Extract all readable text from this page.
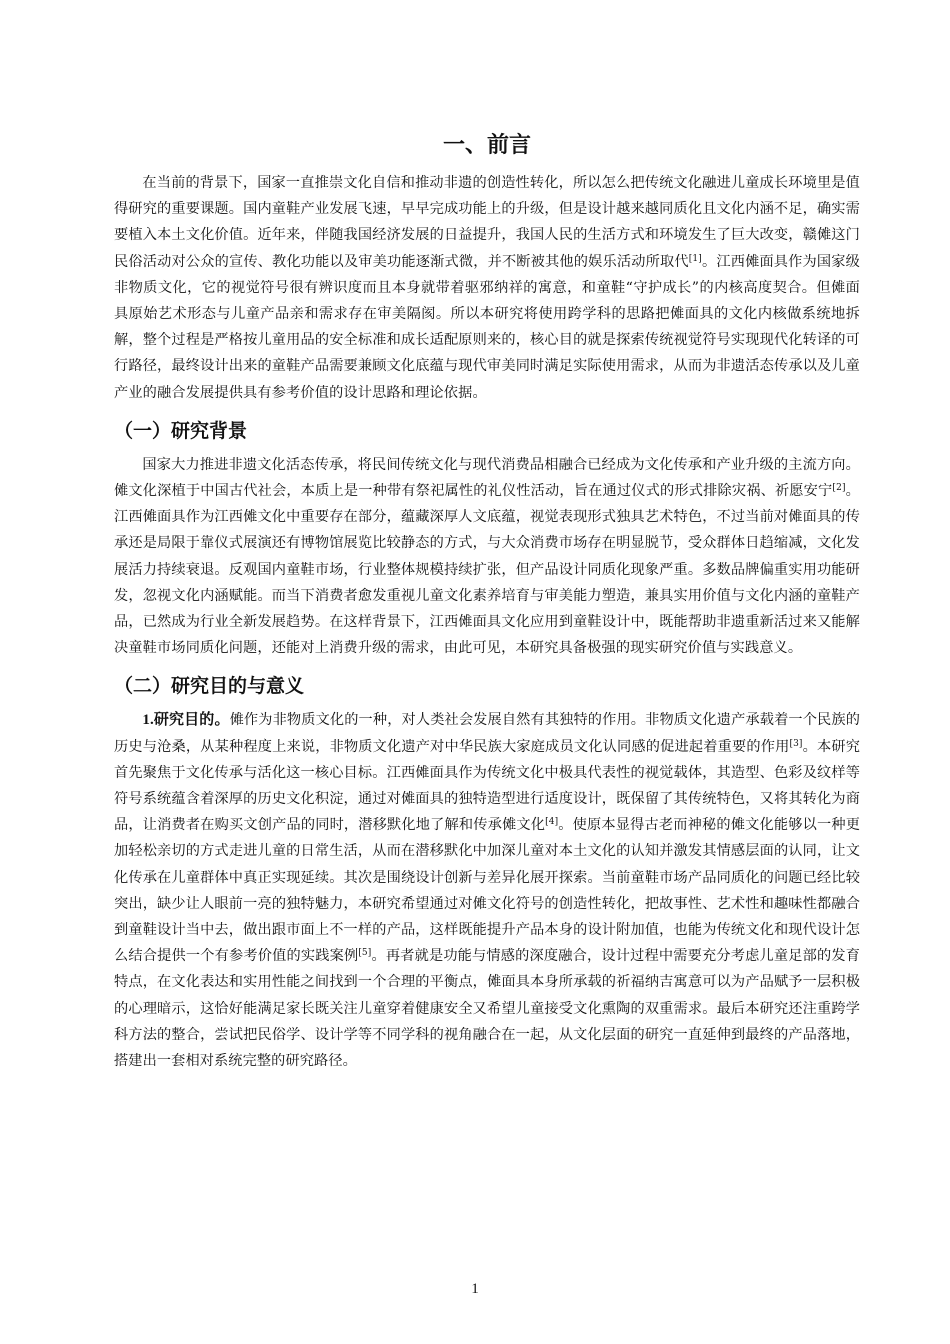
一、前言

在当前的背景下，国家一直推崇文化自信和推动非遗的创造性转化，所以怎么把传统文化融进儿童成长环境里是值得研究的重要课题。国内童鞋产业发展飞速，早早完成功能上的升级，但是设计越来越同质化且文化内涵不足，确实需要植入本土文化价值。近年来，伴随我国经济发展的日益提升，我国人民的生活方式和环境发生了巨大改变，赣傩这门民俗活动对公众的宣传、教化功能以及审美功能逐渐式微，并不断被其他的娱乐活动所取代[1]。江西傩面具作为国家级非物质文化，它的视觉符号很有辨识度而且本身就带着驱邪纳祥的寓意，和童鞋“守护成长”的内核高度契合。但傩面具原始艺术形态与儿童产品亲和需求存在审美隔阂。所以本研究将使用跨学科的思路把傩面具的文化内核做系统地拆解，整个过程是严格按儿童用品的安全标准和成长适配原则来的，核心目的就是探索传统视觉符号实现现代化转译的可行路径，最终设计出来的童鞋产品需要兼顾文化底蕴与现代审美同时满足实际使用需求，从而为非遗活态传承以及儿童产业的融合发展提供具有参考价值的设计思路和理论依据。

（一）研究背景

国家大力推进非遗文化活态传承，将民间传统文化与现代消费品相融合已经成为文化传承和产业升级的主流方向。傩文化深植于中国古代社会，本质上是一种带有祭祀属性的礼仪性活动，旨在通过仪式的形式排除灾祸、祈愿安宁[2]。江西傩面具作为江西傩文化中重要存在部分，蕴藏深厚人文底蕴，视觉表现形式独具艺术特色，不过当前对傩面具的传承还是局限于靠仪式展演还有博物馆展览比较静态的方式，与大众消费市场存在明显脱节，受众群体日趋缩减，文化发展活力持续衰退。反观国内童鞋市场，行业整体规模持续扩张，但产品设计同质化现象严重。多数品牌偏重实用功能研发，忽视文化内涵赋能。而当下消费者愈发重视儿童文化素养培育与审美能力塑造，兼具实用价值与文化内涵的童鞋产品，已然成为行业全新发展趋势。在这样背景下，江西傩面具文化应用到童鞋设计中，既能帮助非遗重新活过来又能解决童鞋市场同质化问题，还能对上消费升级的需求，由此可见，本研究具备极强的现实研究价值与实践意义。

（二）研究目的与意义

1.研究目的。傩作为非物质文化的一种，对人类社会发展自然有其独特的作用。非物质文化遗产承载着一个民族的历史与沧桑，从某种程度上来说，非物质文化遗产对中华民族大家庭成员文化认同感的促进起着重要的作用[3]。本研究首先聚焦于文化传承与活化这一核心目标。江西傩面具作为传统文化中极具代表性的视觉载体，其造型、色彩及纹样等符号系统蕴含着深厚的历史文化积淀，通过对傩面具的独特造型进行适度设计，既保留了其传统特色，又将其转化为商品，让消费者在购买文创产品的同时，潜移默化地了解和传承傩文化[4]。使原本显得古老而神秘的傩文化能够以一种更加轻松亲切的方式走进儿童的日常生活，从而在潜移默化中加深儿童对本土文化的认知并激发其情感层面的认同，让文化传承在儿童群体中真正实现延续。其次是围绕设计创新与差异化展开探索。当前童鞋市场产品同质化的问题已经比较突出，缺少让人眼前一亮的独特魅力，本研究希望通过对傩文化符号的创造性转化，把故事性、艺术性和趣味性都融合到童鞋设计当中去，做出跟市面上不一样的产品，这样既能提升产品本身的设计附加值，也能为传统文化和现代设计怎么结合提供一个有参考价值的实践案例[5]。再者就是功能与情感的深度融合，设计过程中需要充分考虑儿童足部的发育特点，在文化表达和实用性能之间找到一个合理的平衡点，傩面具本身所承载的祈福纳吉寓意可以为产品赋予一层积极的心理暗示，这恰好能满足家长既关注儿童穿着健康安全又希望儿童接受文化熏陶的双重需求。最后本研究还注重跨学科方法的整合，尝试把民俗学、设计学等不同学科的视角融合在一起，从文化层面的研究一直延伸到最终的产品落地，搭建出一套相对系统完整的研究路径。

1
